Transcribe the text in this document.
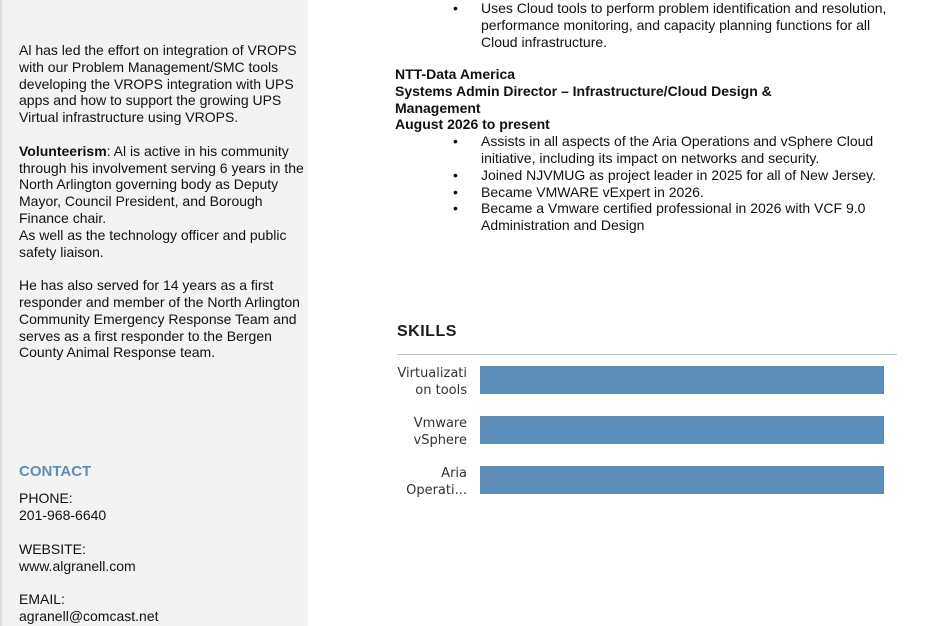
Al has led the effort on integration of VROPS with our Problem Management/SMC tools developing the VROPS integration with UPS apps and how to support the growing UPS Virtual infrastructure using VROPS.

Volunteerism: Al is active in his community through his involvement serving 6 years in the North Arlington governing body as Deputy Mayor, Council President, and Borough Finance chair.
As well as the technology officer and public safety liaison.

He has also served for 14 years as a first responder and member of the North Arlington Community Emergency Response Team and serves as a first responder to the Bergen County Animal Response team.

CONTACT
PHONE:
201-968-6640
WEBSITE:
www.algranell.com
EMAIL:
agranell@comcast.net
• Uses Cloud tools to perform problem identification and resolution, performance monitoring, and capacity planning functions for all Cloud infrastructure.
NTT-Data America
Systems Admin Director – Infrastructure/Cloud Design & Management
August 2026 to present
• Assists in all aspects of the Aria Operations and vSphere Cloud initiative, including its impact on networks and security.
• Joined NJVMUG as project leader in 2025 for all of New Jersey.
• Became VMWARE vExpert in 2026.
• Became a Vmware certified professional in 2026 with VCF 9.0 Administration and Design
SKILLS
Virtualizati on tools
Vmware vSphere
Aria Operati...
